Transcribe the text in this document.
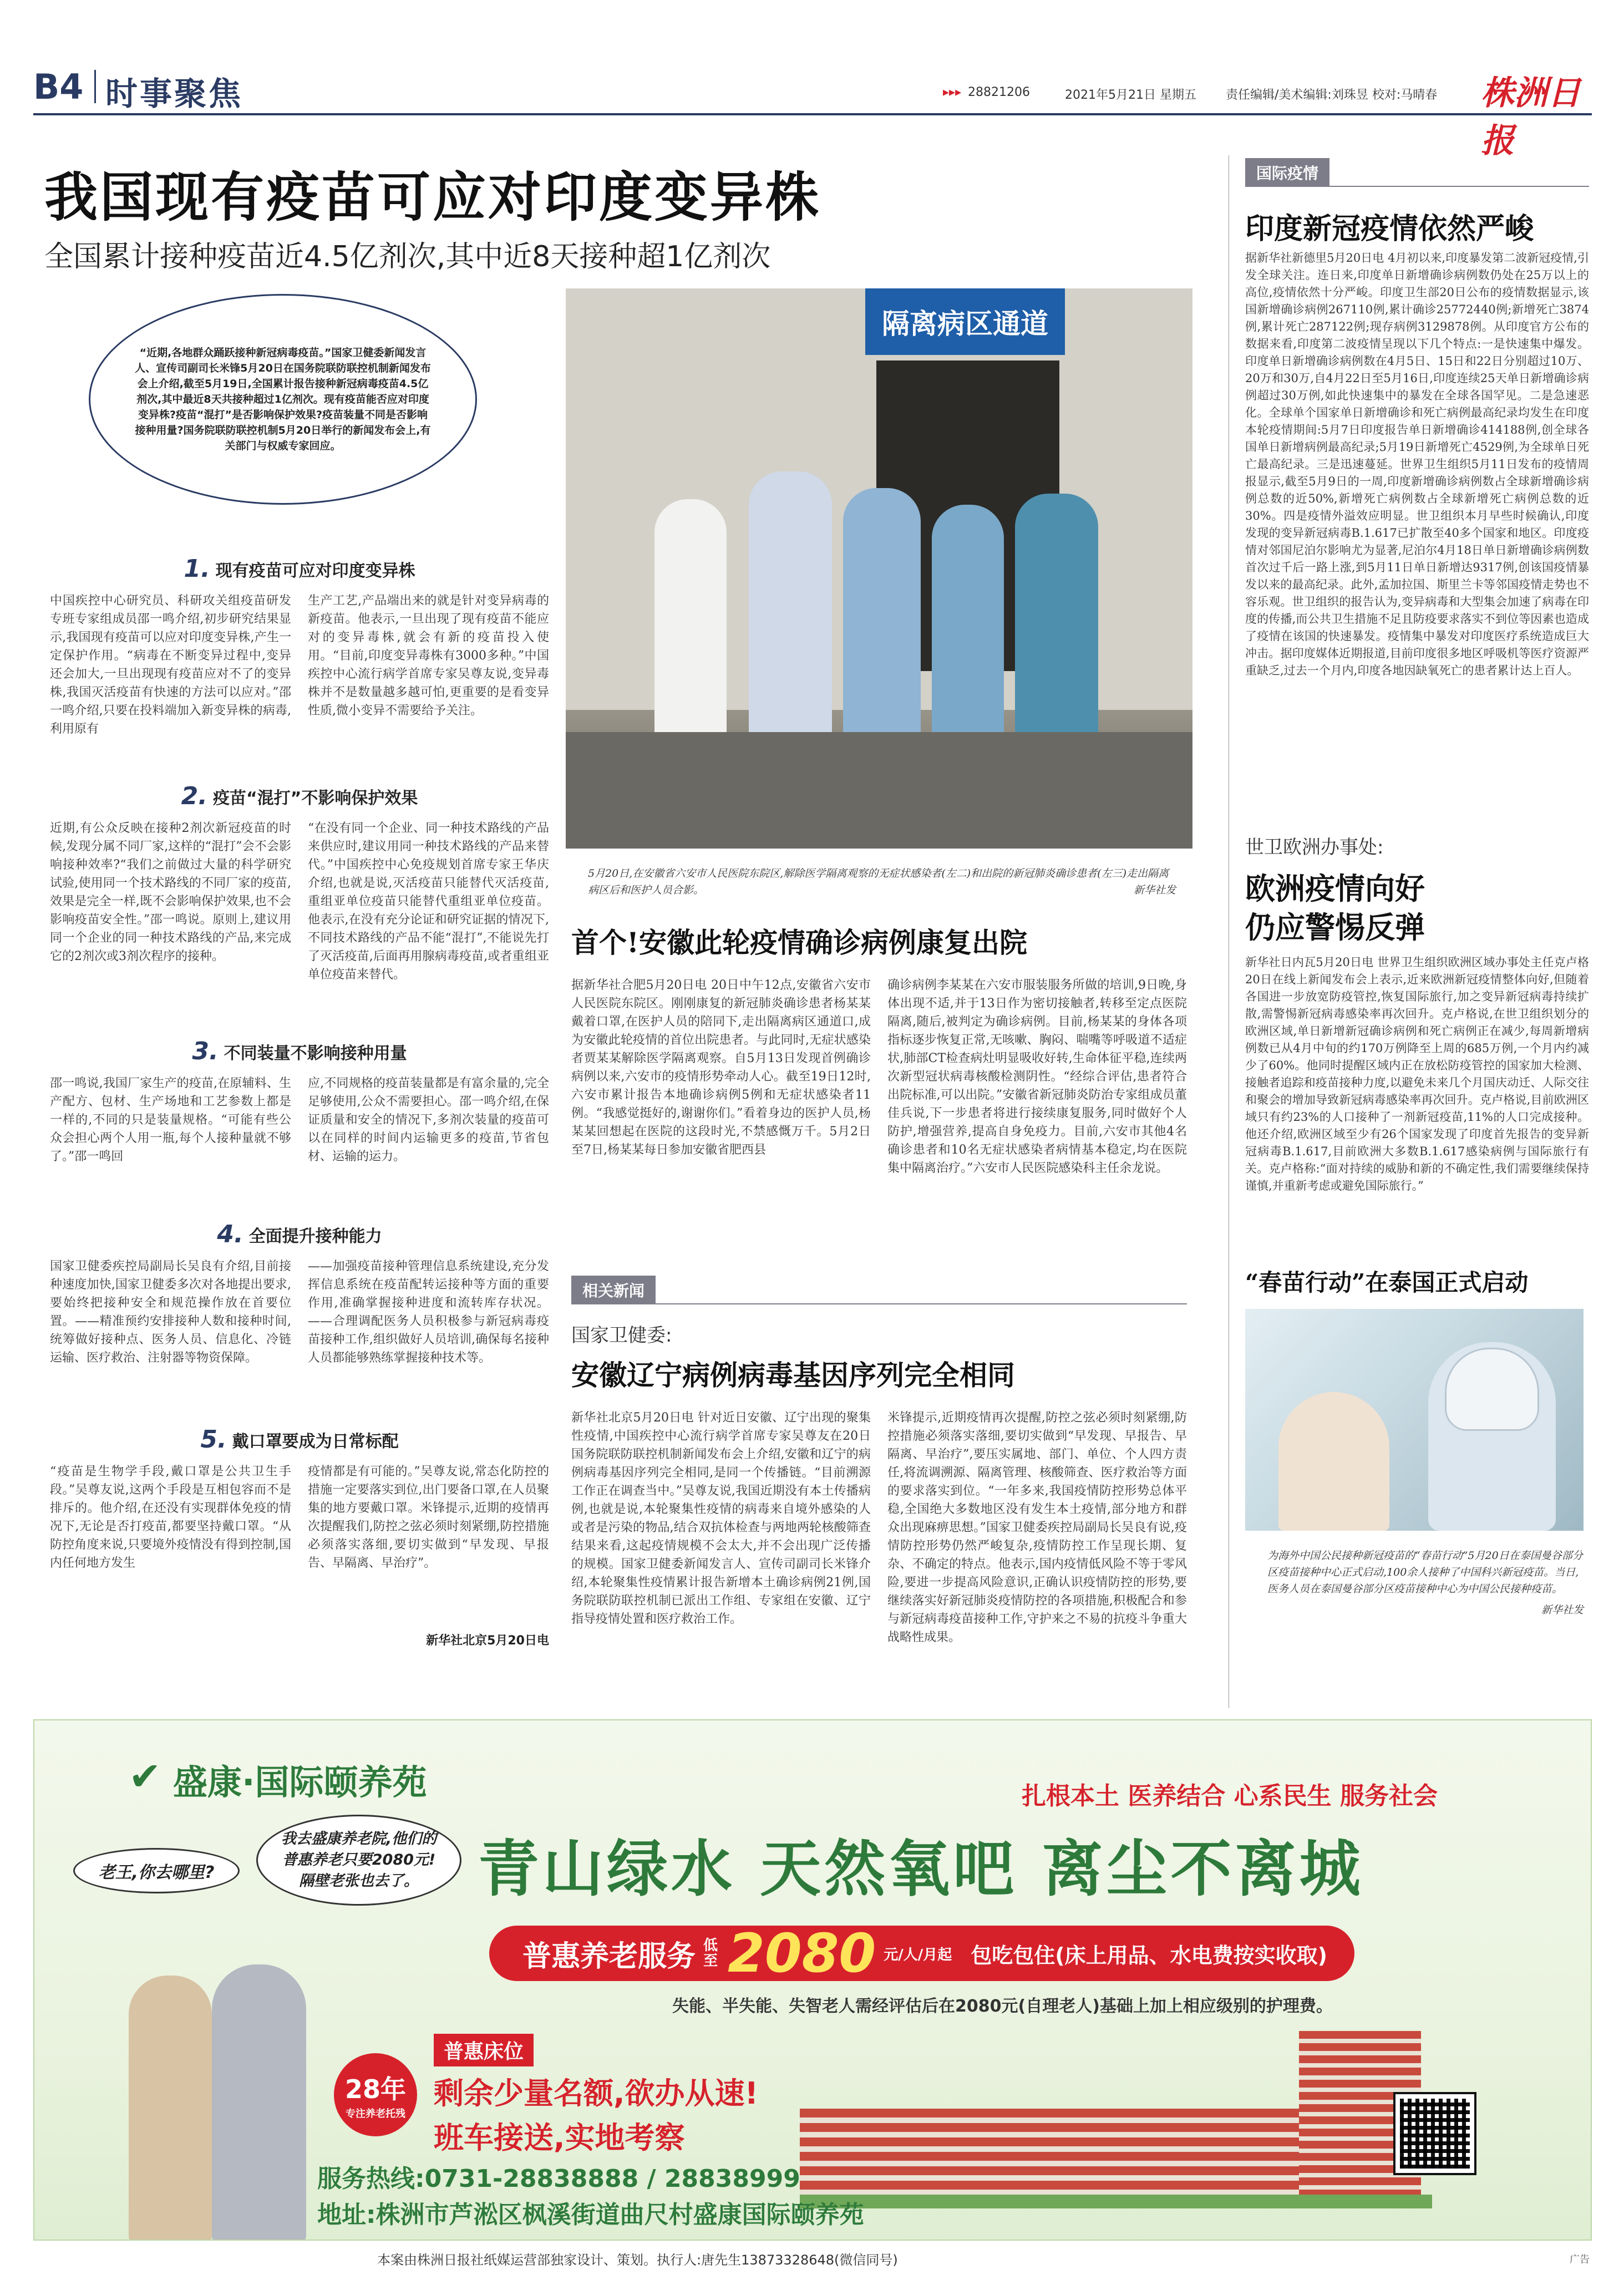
B4 时事聚焦	▸▸▸ 28821206	2021年5月21日 星期五 责任编辑/美术编辑:刘珠昱 校对:马晴春 株洲日报
我国现有疫苗可应对印度变异株
全国累计接种疫苗近4.5亿剂次,其中近8天接种超1亿剂次
“近期,各地群众踊跃接种新冠病毒疫苗。”国家卫健委新闻发言人、宣传司副司长米锋5月20日在国务院联防联控机制新闻发布会上介绍,截至5月19日,全国累计报告接种新冠病毒疫苗4.5亿剂次,其中最近8天共接种超过1亿剂次。现有疫苗能否应对印度变异株?疫苗“混打”是否影响保护效果?疫苗装量不同是否影响接种用量?国务院联防联控机制5月20日举行的新闻发布会上,有关部门与权威专家回应。
1. 现有疫苗可应对印度变异株
中国疾控中心研究员、科研攻关组疫苗研发专班专家组成员邵一鸣介绍,初步研究结果显示,我国现有疫苗可以应对印度变异株,产生一定保护作用。“病毒在不断变异过程中,变异还会加大,一旦出现现有疫苗应对不了的变异株,我国灭活疫苗有快速的方法可以应对。”邵一鸣介绍,只要在投料端加入新变异株的病毒,利用原有
生产工艺,产品端出来的就是针对变异病毒的新疫苗。他表示,一旦出现了现有疫苗不能应对的变异毒株,就会有新的疫苗投入使用。“目前,印度变异毒株有3000多种。”中国疾控中心流行病学首席专家吴尊友说,变异毒株并不是数量越多越可怕,更重要的是看变异性质,微小变异不需要给予关注。
2. 疫苗“混打”不影响保护效果
近期,有公众反映在接种2剂次新冠疫苗的时候,发现分属不同厂家,这样的“混打”会不会影响接种效率?“我们之前做过大量的科学研究试验,使用同一个技术路线的不同厂家的疫苗,效果是完全一样,既不会影响保护效果,也不会影响疫苗安全性。”邵一鸣说。原则上,建议用同一个企业的同一种技术路线的产品,来完成它的2剂次或3剂次程序的接种。
“在没有同一个企业、同一种技术路线的产品来供应时,建议用同一种技术路线的产品来替代。”中国疾控中心免疫规划首席专家王华庆介绍,也就是说,灭活疫苗只能替代灭活疫苗,重组亚单位疫苗只能替代重组亚单位疫苗。他表示,在没有充分论证和研究证据的情况下,不同技术路线的产品不能“混打”,不能说先打了灭活疫苗,后面再用腺病毒疫苗,或者重组亚单位疫苗来替代。
3. 不同装量不影响接种用量
邵一鸣说,我国厂家生产的疫苗,在原辅料、生产配方、包材、生产场地和工艺参数上都是一样的,不同的只是装量规格。“可能有些公众会担心两个人用一瓶,每个人接种量就不够了。”邵一鸣回
应,不同规格的疫苗装量都是有富余量的,完全足够使用,公众不需要担心。邵一鸣介绍,在保证质量和安全的情况下,多剂次装量的疫苗可以在同样的时间内运输更多的疫苗,节省包材、运输的运力。
4. 全面提升接种能力
国家卫健委疾控局副局长吴良有介绍,目前接种速度加快,国家卫健委多次对各地提出要求,要始终把接种安全和规范操作放在首要位置。——精准预约安排接种人数和接种时间,统筹做好接种点、医务人员、信息化、冷链运输、医疗救治、注射器等物资保障。
——加强疫苗接种管理信息系统建设,充分发挥信息系统在疫苗配转运接种等方面的重要作用,准确掌握接种进度和流转库存状况。——合理调配医务人员积极参与新冠病毒疫苗接种工作,组织做好人员培训,确保每名接种人员都能够熟练掌握接种技术等。
5. 戴口罩要成为日常标配
“疫苗是生物学手段,戴口罩是公共卫生手段。”吴尊友说,这两个手段是互相包容而不是排斥的。他介绍,在还没有实现群体免疫的情况下,无论是否打疫苗,都要坚持戴口罩。“从防控角度来说,只要境外疫情没有得到控制,国内任何地方发生
疫情都是有可能的。”吴尊友说,常态化防控的措施一定要落实到位,出门要备口罩,在人员聚集的地方要戴口罩。米锋提示,近期的疫情再次提醒我们,防控之弦必须时刻紧绷,防控措施必须落实落细,要切实做到“早发现、早报告、早隔离、早治疗”。
新华社北京5月20日电
隔离病区通道
5月20日,在安徽省六安市人民医院东院区,解除医学隔离观察的无症状感染者(左二)和出院的新冠肺炎确诊患者(左三)走出隔离病区后和医护人员合影。	新华社发
首个!安徽此轮疫情确诊病例康复出院
据新华社合肥5月20日电 20日中午12点,安徽省六安市人民医院东院区。刚刚康复的新冠肺炎确诊患者杨某某戴着口罩,在医护人员的陪同下,走出隔离病区通道口,成为安徽此轮疫情的首位出院患者。与此同时,无症状感染者贾某某解除医学隔离观察。自5月13日发现首例确诊病例以来,六安市的疫情形势牵动人心。截至19日12时,六安市累计报告本地确诊病例5例和无症状感染者11例。“我感觉挺好的,谢谢你们。”看着身边的医护人员,杨某某回想起在医院的这段时光,不禁感慨万千。5月2日至7日,杨某某每日参加安徽省肥西县
确诊病例李某某在六安市服装服务所做的培训,9日晚,身体出现不适,并于13日作为密切接触者,转移至定点医院隔离,随后,被判定为确诊病例。目前,杨某某的身体各项指标逐步恢复正常,无咳嗽、胸闷、喘嘴等呼吸道不适症状,肺部CT检查病灶明显吸收好转,生命体征平稳,连续两次新型冠状病毒核酸检测阴性。“经综合评估,患者符合出院标准,可以出院。”安徽省新冠肺炎防治专家组成员董佳兵说,下一步患者将进行接续康复服务,同时做好个人防护,增强营养,提高自身免疫力。目前,六安市其他4名确诊患者和10名无症状感染者病情基本稳定,均在医院集中隔离治疗。”六安市人民医院感染科主任余龙说。
相关新闻
国家卫健委:
安徽辽宁病例病毒基因序列完全相同
新华社北京5月20日电 针对近日安徽、辽宁出现的聚集性疫情,中国疾控中心流行病学首席专家吴尊友在20日国务院联防联控机制新闻发布会上介绍,安徽和辽宁的病例病毒基因序列完全相同,是同一个传播链。“目前溯源工作正在调查当中。”吴尊友说,我国近期没有本土传播病例,也就是说,本轮聚集性疫情的病毒来自境外感染的人或者是污染的物品,结合双抗体检查与两地两轮核酸筛查结果来看,这起疫情规模不会太大,并不会出现广泛传播的规模。国家卫健委新闻发言人、宣传司副司长米锋介绍,本轮聚集性疫情累计报告新增本土确诊病例21例,国务院联防联控机制已派出工作组、专家组在安徽、辽宁指导疫情处置和医疗救治工作。
米锋提示,近期疫情再次提醒,防控之弦必须时刻紧绷,防控措施必须落实落细,要切实做到“早发现、早报告、早隔离、早治疗”,要压实属地、部门、单位、个人四方责任,将流调溯源、隔离管理、核酸筛查、医疗救治等方面的要求落实到位。“一年多来,我国疫情防控形势总体平稳,全国绝大多数地区没有发生本土疫情,部分地方和群众出现麻痹思想。”国家卫健委疾控局副局长吴良有说,疫情防控形势仍然严峻复杂,疫情防控工作呈现长期、复杂、不确定的特点。他表示,国内疫情低风险不等于零风险,要进一步提高风险意识,正确认识疫情防控的形势,要继续落实好新冠肺炎疫情防控的各项措施,积极配合和参与新冠病毒疫苗接种工作,守护来之不易的抗疫斗争重大战略性成果。
国际疫情
印度新冠疫情依然严峻
据新华社新德里5月20日电 4月初以来,印度暴发第二波新冠疫情,引发全球关注。连日来,印度单日新增确诊病例数仍处在25万以上的高位,疫情依然十分严峻。印度卫生部20日公布的疫情数据显示,该国新增确诊病例267110例,累计确诊25772440例;新增死亡3874例,累计死亡287122例;现存病例3129878例。从印度官方公布的数据来看,印度第二波疫情呈现以下几个特点:一是快速集中爆发。印度单日新增确诊病例数在4月5日、15日和22日分别超过10万、20万和30万,自4月22日至5月16日,印度连续25天单日新增确诊病例超过30万例,如此快速集中的暴发在全球各国罕见。二是急速恶化。全球单个国家单日新增确诊和死亡病例最高纪录均发生在印度本轮疫情期间:5月7日印度报告单日新增确诊414188例,创全球各国单日新增病例最高纪录;5月19日新增死亡4529例,为全球单日死亡最高纪录。三是迅速蔓延。世界卫生组织5月11日发布的疫情周报显示,截至5月9日的一周,印度新增确诊病例数占全球新增确诊病例总数的近50%,新增死亡病例数占全球新增死亡病例总数的近30%。四是疫情外溢效应明显。世卫组织本月早些时候确认,印度发现的变异新冠病毒B.1.617已扩散至40多个国家和地区。印度疫情对邻国尼泊尔影响尤为显著,尼泊尔4月18日单日新增确诊病例数首次过千后一路上涨,到5月11日单日新增达9317例,创该国疫情暴发以来的最高纪录。此外,孟加拉国、斯里兰卡等邻国疫情走势也不容乐观。世卫组织的报告认为,变异病毒和大型集会加速了病毒在印度的传播,而公共卫生措施不足且防疫要求落实不到位等因素也造成了疫情在该国的快速暴发。疫情集中暴发对印度医疗系统造成巨大冲击。据印度媒体近期报道,目前印度很多地区呼吸机等医疗资源严重缺乏,过去一个月内,印度各地因缺氧死亡的患者累计达上百人。
世卫欧洲办事处:
欧洲疫情向好
仍应警惕反弹
新华社日内瓦5月20日电 世界卫生组织欧洲区域办事处主任克卢格20日在线上新闻发布会上表示,近来欧洲新冠疫情整体向好,但随着各国进一步放宽防疫管控,恢复国际旅行,加之变异新冠病毒持续扩散,需警惕新冠病毒感染率再次回升。克卢格说,在世卫组织划分的欧洲区域,单日新增新冠确诊病例和死亡病例正在减少,每周新增病例数已从4月中旬的约170万例降至上周的685万例,一个月内约减少了60%。他同时提醒区域内正在放松防疫管控的国家加大检测、接触者追踪和疫苗接种力度,以避免未来几个月国庆动迁、人际交往和聚会的增加导致新冠病毒感染率再次回升。克卢格说,目前欧洲区域只有约23%的人口接种了一剂新冠疫苗,11%的人口完成接种。他还介绍,欧洲区域至少有26个国家发现了印度首先报告的变异新冠病毒B.1.617,目前欧洲大多数B.1.617感染病例与国际旅行有关。克卢格称:“面对持续的威胁和新的不确定性,我们需要继续保持谨慎,并重新考虑或避免国际旅行。”
“春苗行动”在泰国正式启动
为海外中国公民接种新冠疫苗的“春苗行动”5月20日在泰国曼谷部分区疫苗接种中心正式启动,100余人接种了中国科兴新冠疫苗。当日,医务人员在泰国曼谷部分区疫苗接种中心为中国公民接种疫苗。
新华社发
✔ 盛康·国际颐养苑	扎根本土 医养结合 心系民生 服务社会
青山绿水 天然氧吧 离尘不离城
老王,你去哪里?
我去盛康养老院,他们的普惠养老只要2080元!隔壁老张也去了。
普惠养老服务 低至 2080 元/人/月起 包吃包住(床上用品、水电费按实收取)
失能、半失能、失智老人需经评估后在2080元(自理老人)基础上加上相应级别的护理费。
28年
专注养老托残
普惠床位
剩余少量名额,欲办从速!
班车接送,实地考察
服务热线:0731-28838888 / 28838999
地址:株洲市芦淞区枫溪街道曲尺村盛康国际颐养苑
本案由株洲日报社纸媒运营部独家设计、策划。执行人:唐先生13873328648(微信同号)	广告
